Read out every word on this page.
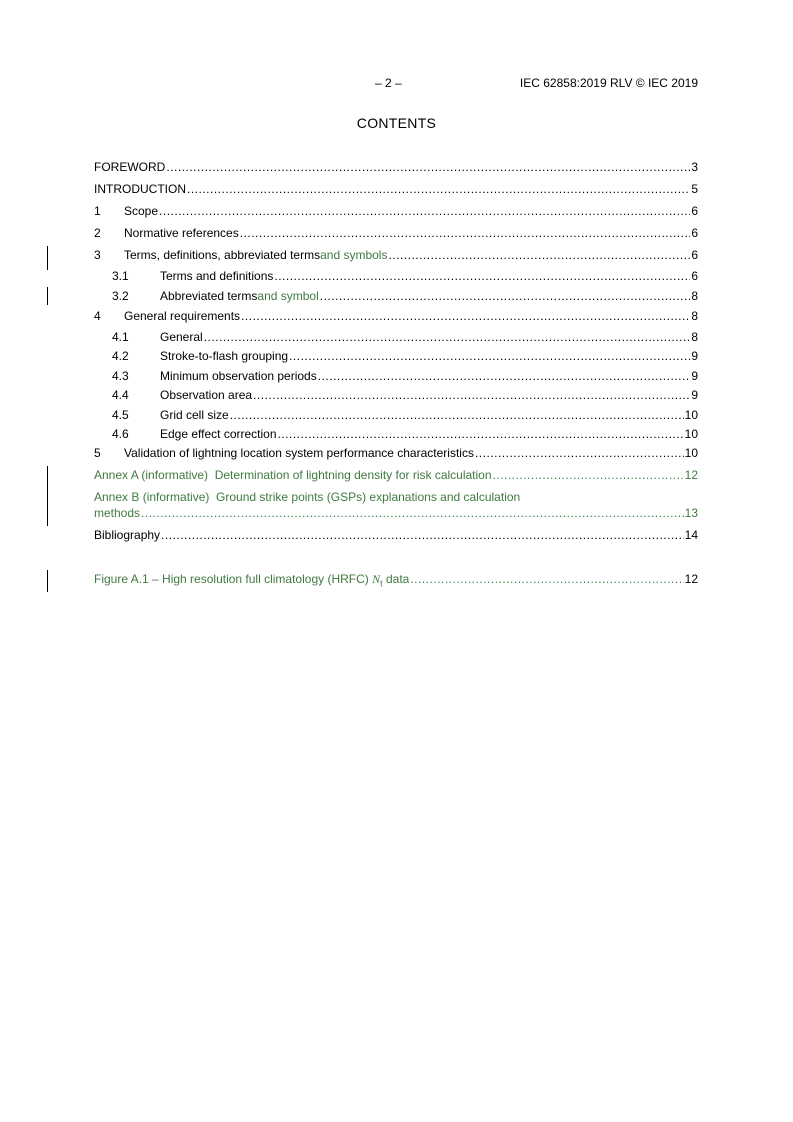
– 2 –	IEC 62858:2019 RLV © IEC 2019
CONTENTS
FOREWORD .....	3
INTRODUCTION .....	5
1	Scope .....	6
2	Normative references .....	6
3	Terms, definitions, abbreviated terms and symbols .....	6
3.1	Terms and definitions .....	6
3.2	Abbreviated terms and symbol .....	8
4	General requirements .....	8
4.1	General .....	8
4.2	Stroke-to-flash grouping .....	9
4.3	Minimum observation periods .....	9
4.4	Observation area .....	9
4.5	Grid cell size .....	10
4.6	Edge effect correction .....	10
5	Validation of lightning location system performance characteristics .....	10
Annex A (informative)  Determination of lightning density for risk calculation .....	12
Annex B (informative)  Ground strike points (GSPs) explanations and calculation
methods .....	13
Bibliography .....	14
Figure A.1 – High resolution full climatology (HRFC) $N_t$ data .....	12
